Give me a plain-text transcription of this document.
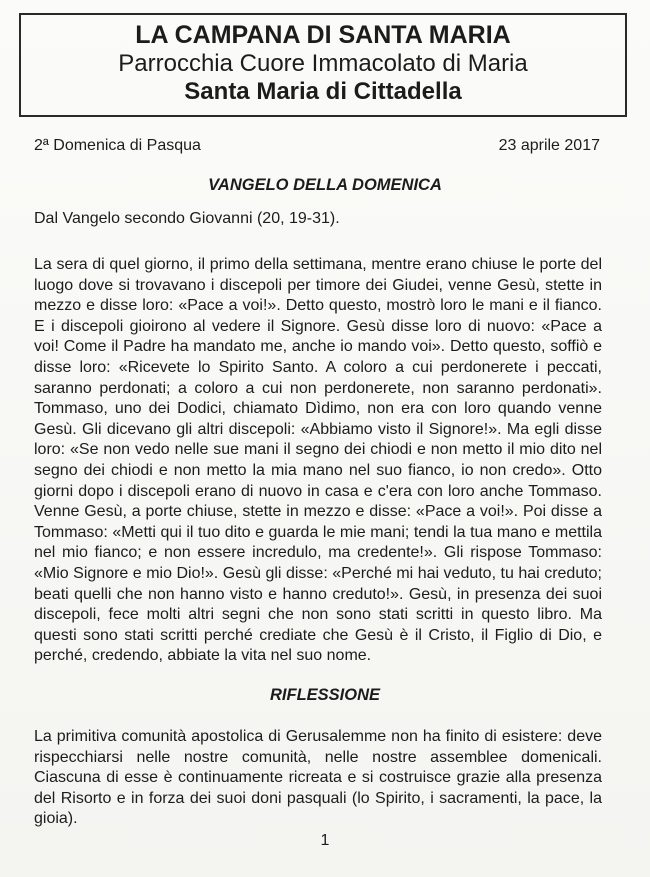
LA CAMPANA DI SANTA MARIA
Parrocchia Cuore Immacolato di Maria
Santa Maria di Cittadella
2ª Domenica di Pasqua	23 aprile 2017
VANGELO DELLA DOMENICA
Dal Vangelo secondo Giovanni (20, 19-31).
La sera di quel giorno, il primo della settimana, mentre erano chiuse le porte del luogo dove si trovavano i discepoli per timore dei Giudei, venne Gesù, stette in mezzo e disse loro: «Pace a voi!». Detto questo, mostrò loro le mani e il fianco. E i discepoli gioirono al vedere il Signore. Gesù disse loro di nuovo: «Pace a voi! Come il Padre ha mandato me, anche io mando voi». Detto questo, soffiò e disse loro: «Ricevete lo Spirito Santo. A coloro a cui perdonerete i peccati, saranno perdonati; a coloro a cui non perdonerete, non saranno perdonati». Tommaso, uno dei Dodici, chiamato Dìdimo, non era con loro quando venne Gesù. Gli dicevano gli altri discepoli: «Abbiamo visto il Signore!». Ma egli disse loro: «Se non vedo nelle sue mani il segno dei chiodi e non metto il mio dito nel segno dei chiodi e non metto la mia mano nel suo fianco, io non credo». Otto giorni dopo i discepoli erano di nuovo in casa e c'era con loro anche Tommaso. Venne Gesù, a porte chiuse, stette in mezzo e disse: «Pace a voi!». Poi disse a Tommaso: «Metti qui il tuo dito e guarda le mie mani; tendi la tua mano e mettila nel mio fianco; e non essere incredulo, ma credente!». Gli rispose Tommaso: «Mio Signore e mio Dio!». Gesù gli disse: «Perché mi hai veduto, tu hai creduto; beati quelli che non hanno visto e hanno creduto!». Gesù, in presenza dei suoi discepoli, fece molti altri segni che non sono stati scritti in questo libro. Ma questi sono stati scritti perché crediate che Gesù è il Cristo, il Figlio di Dio, e perché, credendo, abbiate la vita nel suo nome.
RIFLESSIONE
La primitiva comunità apostolica di Gerusalemme non ha finito di esistere: deve rispecchiarsi nelle nostre comunità, nelle nostre assemblee domenicali. Ciascuna di esse è continuamente ricreata e si costruisce grazie alla presenza del Risorto e in forza dei suoi doni pasquali (lo Spirito, i sacramenti, la pace, la gioia).
1
